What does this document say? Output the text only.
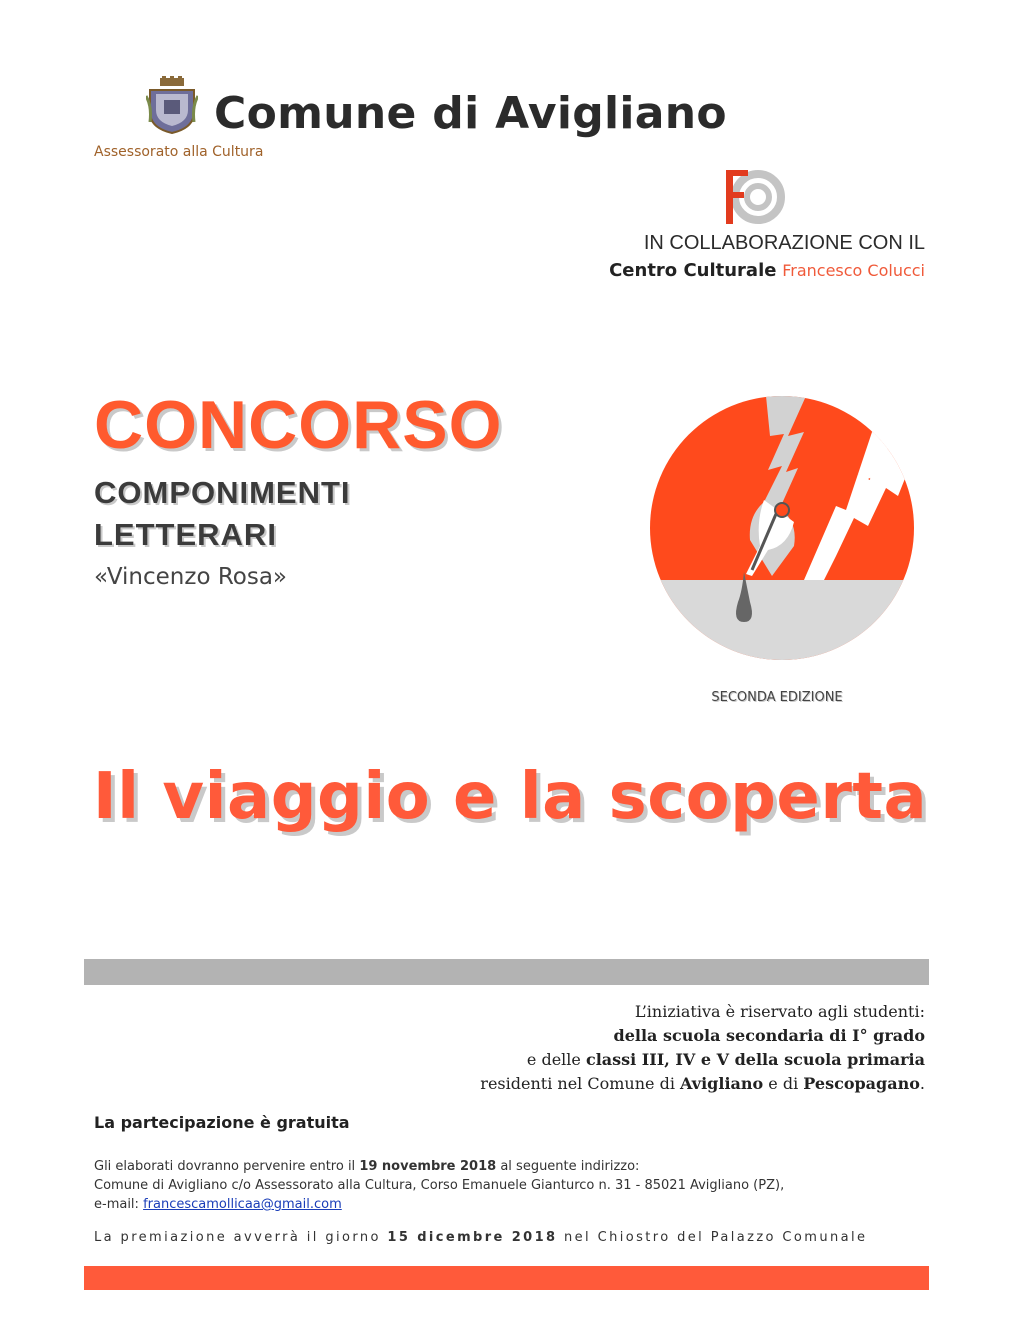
Comune di Avigliano
Assessorato alla Cultura
IN COLLABORAZIONE CON IL
Centro Culturale Francesco Colucci
CONCORSO
COMPONIMENTI
LETTERARI
«Vincenzo Rosa»
SECONDA EDIZIONE
Il viaggio e la scoperta
L’iniziativa è riservato agli studenti:
della scuola secondaria di I° grado
e delle classi III, IV e V della scuola primaria
residenti nel Comune di Avigliano e di Pescopagano.
La partecipazione è gratuita
Gli elaborati dovranno pervenire entro il 19 novembre 2018 al seguente indirizzo:
Comune di Avigliano c/o Assessorato alla Cultura, Corso Emanuele Gianturco n. 31 - 85021 Avigliano (PZ),
e-mail: francescamollicaa@gmail.com
La premiazione avverrà il giorno 15 dicembre 2018 nel Chiostro del Palazzo Comunale
